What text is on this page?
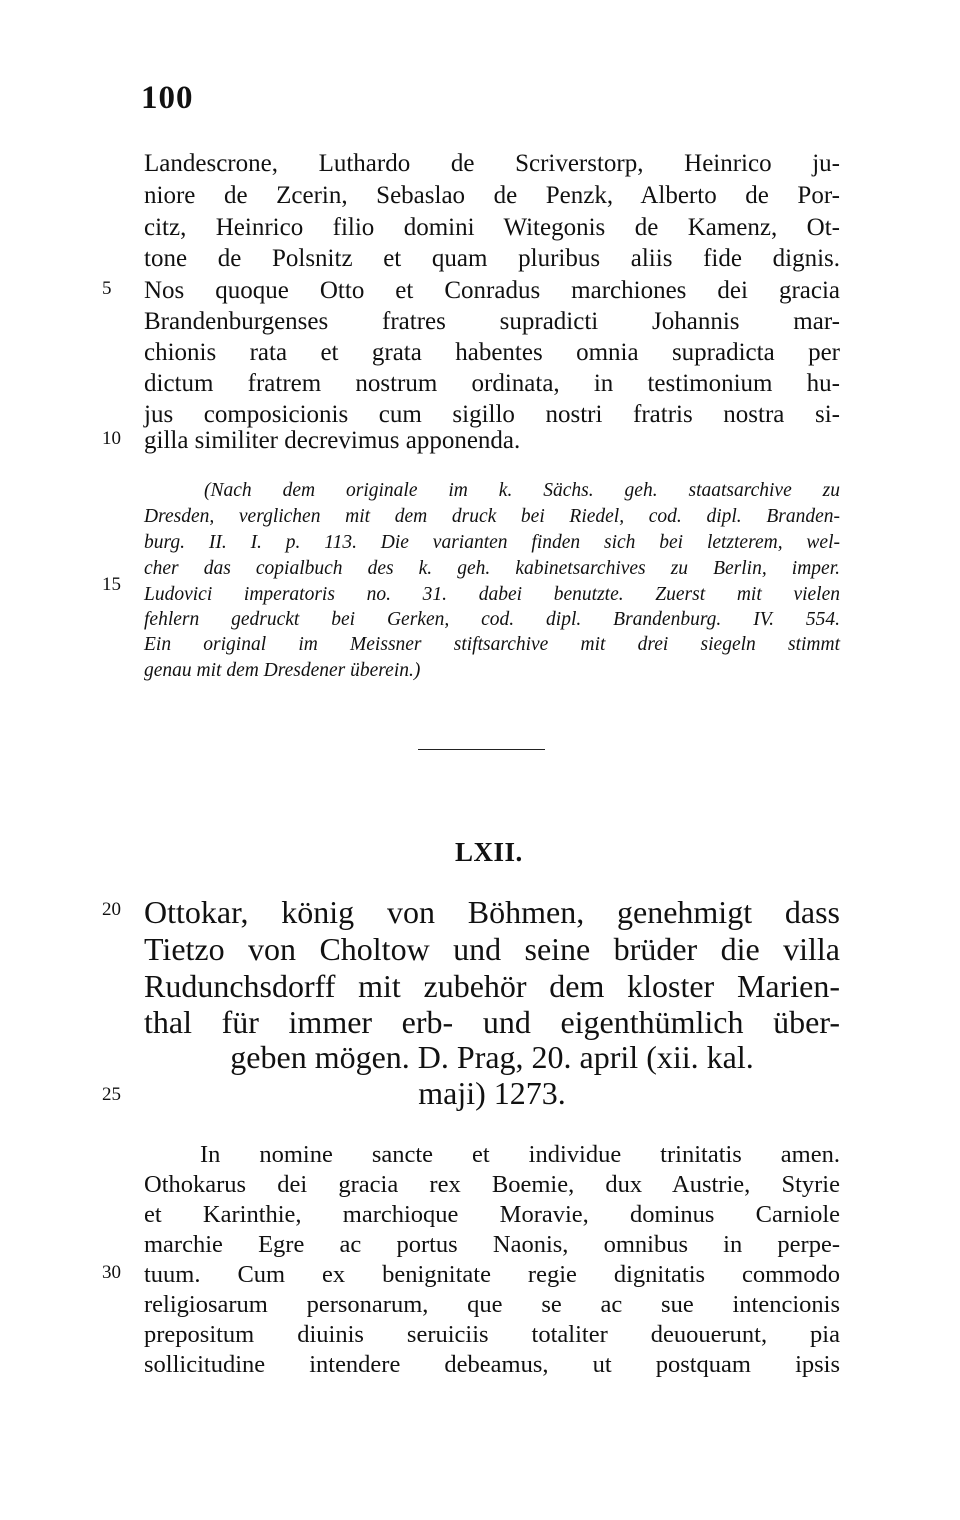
100
Landescrone, Luthardo de Scriverstorp, Heinrico ju-
niore de Zcerin, Sebaslao de Penzk, Alberto de Por-
citz, Heinrico filio domini Witegonis de Kamenz, Ot-
tone de Polsnitz et quam pluribus aliis fide dignis.
Nos quoque Otto et Conradus marchiones dei gracia
Brandenburgenses fratres supradicti Johannis mar-
chionis rata et grata habentes omnia supradicta per
dictum fratrem nostrum ordinata, in testimonium hu-
jus composicionis cum sigillo nostri fratris nostra si-
gilla similiter decrevimus apponenda.
(Nach dem originale im k. Sächs. geh. staatsarchive zu
Dresden, verglichen mit dem druck bei Riedel, cod. dipl. Branden-
burg. II. I. p. 113. Die varianten finden sich bei letzterem, wel-
cher das copialbuch des k. geh. kabinetsarchives zu Berlin, imper.
Ludovici imperatoris no. 31. dabei benutzte. Zuerst mit vielen
fehlern gedruckt bei Gerken, cod. dipl. Brandenburg. IV. 554.
Ein original im Meissner stiftsarchive mit drei siegeln stimmt
genau mit dem Dresdener überein.)
LXII.
Ottokar, könig von Böhmen, genehmigt dass
Tietzo von Choltow und seine brüder die villa
Rudunchsdorff mit zubehör dem kloster Marien-
thal für immer erb- und eigenthümlich über-
geben mögen. D. Prag, 20. april (xii. kal.
maji) 1273.
In nomine sancte et individue trinitatis amen.
Othokarus dei gracia rex Boemie, dux Austrie, Styrie
et Karinthie, marchioque Moravie, dominus Carniole
marchie Egre ac portus Naonis, omnibus in perpe-
tuum. Cum ex benignitate regie dignitatis commodo
religiosarum personarum, que se ac sue intencionis
prepositum diuinis seruiciis totaliter deuouerunt, pia
sollicitudine intendere debeamus, ut postquam ipsis
5
10
15
20
25
30
